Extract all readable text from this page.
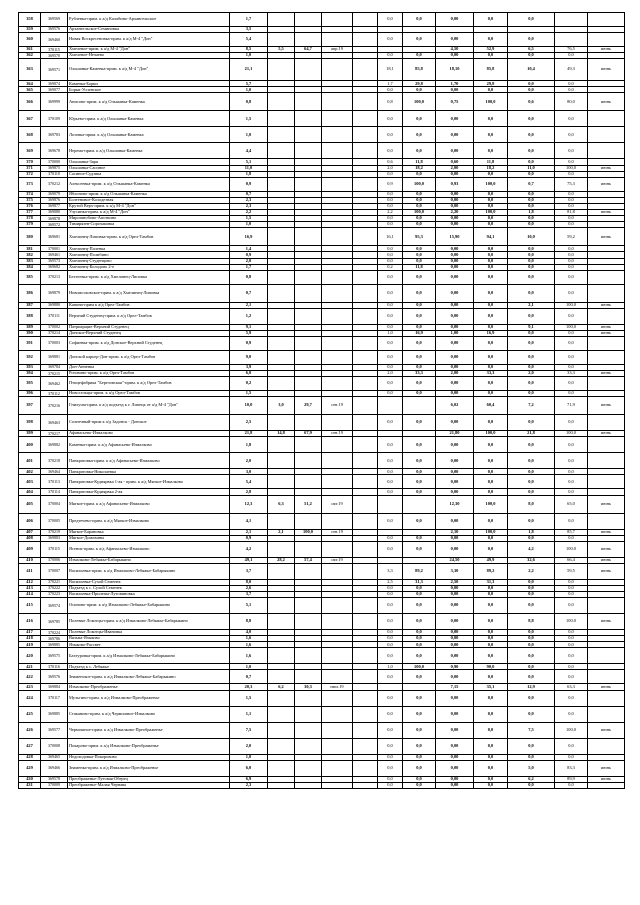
358	369569	Рублевка-прим. к а/д Калабино-Архангельское	1,7					0,0	0,0	0,00	0,0	0,0		
359	369576	Архангельское-Семиновка	3,5											
360	369460	Новая Воскресеновка-прим. к а/д М-4 "Дон"	5,4					0,0	0,0	0,00	0,0	0,0		
361	370115	Хмелевое-прим. к а/д М-4 "Дон"	8,5	5,5	64,7	апр.19				4,50	52,9	6,5	76,5	июнь
362	369570	Хмелевое-Нечаево	1,0					0,0	0,0	0,00	0,0	0,0	0,0	
363	369571	Ольшанка-Каменка-прим. к а/д М-4 "Дон"	21,1					18,1	85,8	18,10	85,8	10,4	49,3	июнь
364	369874	Каменка-Борки	5,7					1,7	29,8	1,70	29,8	0,0	0,0	
365	369077	Борки-Успенское	1,0					0,0	0,0	0,00	0,0	0,0	0,0	
366	369999	Анисово-прим. к а/д Ольшанка-Каменка	0,8					0,8	100,0	0,75	100,0	0,6	80,0	июнь
367	370109	Юрьево-прим. к а/д Ольшанка-Каменка	1,5					0,0	0,0	0,00	0,0	0,0	0,0	
368	369783	Лозовка-прим. к а/д Ольшанка-Каменка	1,0					0,0	0,0	0,00	0,0	0,0	0,0	
369	369678	Нерема-прим. к а/д Ольшанка-Каменка	4,4					0,0	0,0	0,00	0,0	0,0	0,0	
370	370000	Ольшанка-Заря	5,1					0,6	11,8	0,60	11,8	0,0	0,0	
371	369875	Ольшанка-Сасиное	11,0					2,0	18,2	2,00	18,2	11,0	100,0	июнь
372	370110	Сасиное-Судзика	1,8					0,0	0,0	0,00	0,0	0,0	0,0	
373	370212	Алексеевка-прим. к а/д Ольшанка-Каменка	0,9					0,9	100,0	0,93	100,0	0,7	75,3	июнь
374	369079	Яблоново-прим. к а/д Ольшанка-Каменка	0,7					0,0	0,0	0,00	0,0	0,0	0,0	
375	369876	Болтеновое-Колодезная	2,3					0,0	0,0	0,00	0,0	0,0	0,0	
376	369877	Крутой Верх-прим. к а/д М-4 "Дон"	2,3					0,0	0,0	0,00	0,0	0,0	0,0	
377	369080	Улусинка-прим. к а/д М-4 "Дон"	2,2					2,2	100,0	2,20	100,0	1,8	81,8	июнь
378	369878	Мирошнобово-Апоткино	1,5					0,0	0,0	0,00	0,0	0,0	0,0	
379	369572	Тимирязев-Сорочаковка	1,0					0,0	0,0	0,00	0,0	0,0	0,0	
380	369681	Хмелинец-Липовка-прим. к а/д Орел-Тамбов	16,9					16,1	95,3	15,90	94,1	10,0	59,2	июнь
381	370001	Хмелинец-Паленка	1,4					0,0	0,0	0,00	0,0	0,0	0,0	
382	369461	Хмелинец-Полибино	0,9					0,0	0,0	0,00	0,0	0,0	0,0	
383	369573	Хмелинец-Студенцово	2,0					0,0	0,0	0,00	0,0	0,0	0,0	
384	369682	Хмелинец-Колодово 2-е	1,7					0,2	11,8	0,00	0,0	0,0	0,0	
385	370213	Бехтеевка-прим. к а/д Хмелинец-Липовка	0,8					0,0	0,0	0,00	0,0	0,0	0,0	
386	369879	Новомосковское-прим. к а/д Хмелинец-Липовка	0,7					0,0	0,0	0,00	0,0	0,0	0,0	
387	369880	Капина-прим к а/д Орел-Тамбов	2,1					0,0	0,0	0,00	0,0	2,1	100,0	июнь
388	370111	Верхний Студенец-прим. к а/д Орел-Тамбов	1,2					0,0	0,0	0,00	0,0	0,0	0,0	
389	370002	Патриарщие-Верхний Студенец	9,1					0,0	0,0	0,00	0,0	9,1	100,0	июнь
390	370214	Донское-Верхний Студенец	5,9					1,0	16,9	1,00	16,9	0,0	0,0	июнь
391	370003	Софиевка-прим. к а/д Донское-Верхний Студенец	0,9					0,0	0,0	0,00	0,0	0,0	0,0	
392	369881	Донской карьер-Дон-прим. к а/д Орел-Тамбов	9,0					0,0	0,0	0,00	0,0	0,0	0,0	
393	369784	Дон-Анненка	3,9					0,0	0,0	0,00	0,0	0,0	0,0	
394	370215	Роговино-прим. к а/д Орел-Тамбов	6,0					2,0	33,3	2,00	33,3	2,0	33,3	июнь
395	369462	Птицефабрика "Березовская"-прим. к а/д Орел-Тамбов	0,2					0,0	0,0	0,00	0,0	0,0	0,0	
396	370112	Новосельцы-прим. к а/д Орел-Тамбов	1,5					0,0	0,0	0,00	0,0	0,0	0,0	
397	370216	Гнилуша-прим. к а/д подъезд к г. Липецк от а/д М-4 "Дон"	10,0	3,0	29,7	сен.19				6,02	60,4	7,2	71,9	июнь
398	369463	Солнечный-прим к а/д Задонск - Донское	2,5					0,0	0,0	0,00	0,0	0,0	0,0	
399	370217	Афанасьево-Измалково	21,8	14,8	67,9	сен.19				21,80	100,0	21,8	100,0	июнь
400	369882	Каменка-прим. к а/д Афанасьево-Измалково	1,8					0,0	0,0	0,00	0,0	0,0	0,0	
401	370218	Панкратовка-прим. к а/д Афанасьево-Измалково	2,0					0,0	0,0	0,00	0,0	0,0	0,0	
402	369464	Панкратовка-Николаевка	3,0					0,0	0,0	0,00	0,0	0,0	0,0	
403	370113	Панкратовка-Кудиярвка 1-ая - прим. к а/д Мягкое-Измалково	5,4					0,0	0,0	0,00	0,0	0,0	0,0	
404	370114	Панкратовка-Кудиярвка 2-ая	2,8					0,0	0,0	0,00	0,0	0,0	0,0	
405	370004	Мягкое-прим. к а/д Афанасьево-Измалково	12,3	6,3	51,2	окт.19				12,30	100,0	8,0	65,0	июнь
406	370005	Предтечево-прим. к а/д Мягкое-Измалково	4,1					0,0	0,0	0,00	0,0	0,0	0,0	
407	370219	Мягкое-Барановка	2,1	2,1	100,0	сен.19				2,10	100,0	1,8	85,7	июнь
408	369883	Мягкое-Домовины	0,9					0,0	0,0	0,00	0,0	0,0	0,0	
409	370115	Ясенок-прим. к а/д Афанасьево-Измалково	4,2					0,0	0,0	0,00	0,0	4,2	100,0	июнь
410	370006	Измалково-Лебяжье-Бабарыкино	49,1	28,2	57,4	окт.19				24,50	49,9	32,6	66,4	июнь
411	370007	Васильевка-прим. к а/д Измалково-Лебяжье-Бабарыкино	3,7					3,3	89,2	3,30	89,2	2,2	59,5	июнь
412	370221	Васильевка-Сухой Семенек	8,0					2,5	31,3	2,50	31,3	0,0	0,0	
413	370222	Подъезд к с. Сухой Семенек	2,6					0,0	0,0	0,00	0,0	0,0	0,0	
414	370223	Васильевка-Прилепы-Лутовиновка	3,7					0,0	0,0	0,00	0,0	0,0	0,0	
415	369574	Осиново-прим. к а/д Измалково-Лебяжье-Бабарыкино	5,1					0,0	0,0	0,00	0,0	0,0	0,0	
416	369785	Полевые Локотцы-прим. к а/д Измалково-Лебяжье-Бабарыкино	8,8					0,0	0,0	0,00	0,0	8,8	100,0	июнь
417	370224	Полевые Локотцы-Ивановка	4,0					0,0	0,0	0,00	0,0	0,0	0,0	
418	369786	Вязьма-Языково	1,6					0,0	0,0	0,00	0,0	0,0	0,0	
419	369885	Языково-Рассвет	1,6					0,0	0,0	0,00	0,0	0,0	0,0	
420	369575	Бахтуровка-прим. к а/д Измалково-Лебяжье-Бабарыкино	1,6					0,0	0,0	0,00	0,0	0,0	0,0	
421	370116	Подъезд к с. Лебяжье	1,0					1,0	100,0	0,90	90,0	0,0	0,0	
422	369576	Знаменское-прим. к а/д Измалково-Лебяжье-Бабарыкино	0,7					0,0	0,0	0,00	0,0	0,0	0,0	
423	369884	Измалково-Преображенье	20,3	6,2	30,3	июл.19				7,15	35,1	12,9	63,3	июнь
424	370117	Мульгино-прим. к а/д Измалково-Преображенье	1,5					0,0	0,0	0,00	0,0	0,0	0,0	
425	369885	Стаканово-прим. к а/д Чермошное-Измалково	1,1					0,0	0,0	0,00	0,0	0,0	0,0	
426	369577	Чермошное-прим. к а/д Измалково-Преображенье	7,5					0,0	0,0	0,00	0,0	7,5	100,0	июнь
427	370008	Покарово-прим. к а/д Измалково-Преображенье	2,0					0,0	0,0	0,00	0,0	0,0	0,0	
428	369465	Недоходовка-Покоровово	1,0					0,0	0,0	0,00	0,0	0,0	0,0	
429	369466	Знаменка-прим. к а/д Измалково-Преображенье	6,0					0,0	0,0	0,00	0,0	5,0	83,3	июнь
430	369578	Преображенье-Лутовая-Обертц	6,9					0,0	0,0	0,00	0,0	6,2	89,9	июнь
431	370009	Преображенье-Малая Чернава	2,3					0,0	0,0	0,00	0,0	0,0	0,0	
